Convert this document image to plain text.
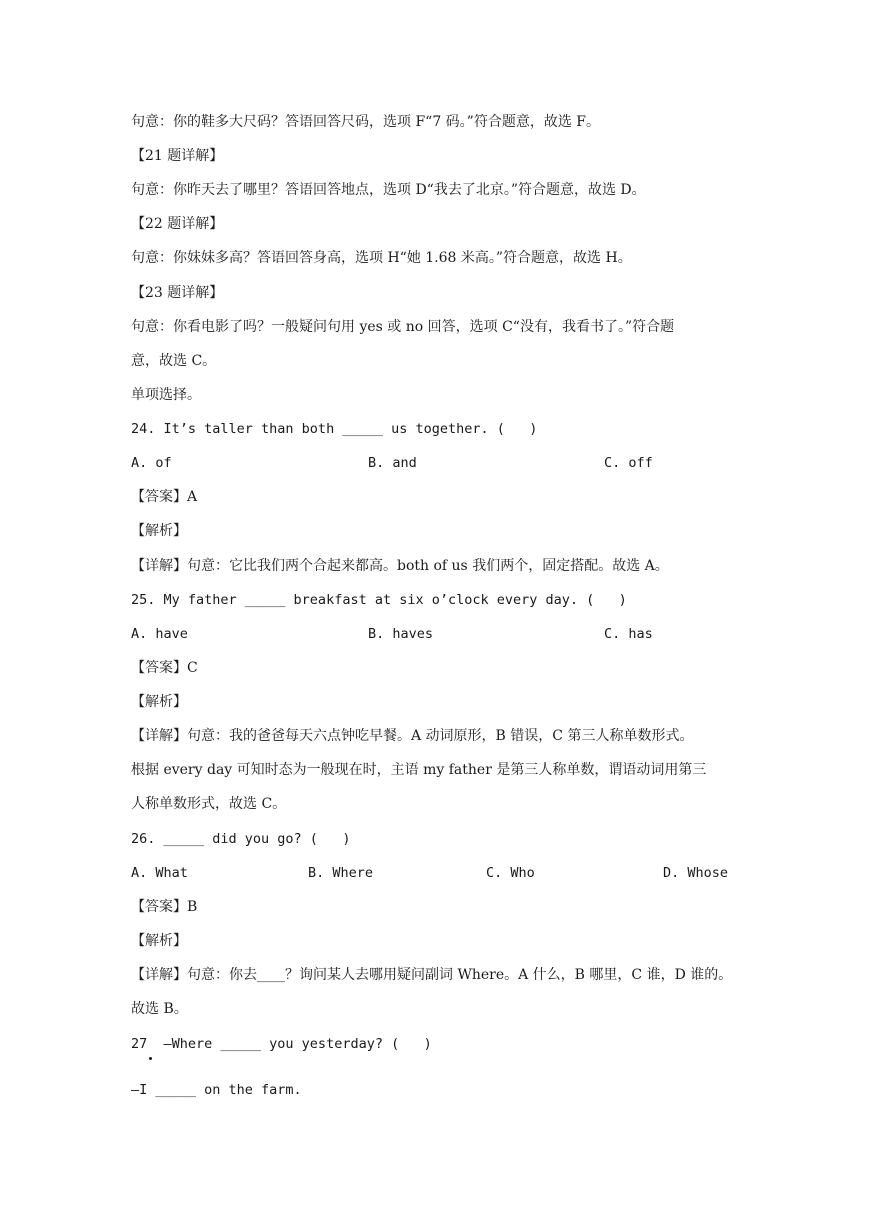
句意：你的鞋多大尺码？答语回答尺码，选项 F“7 码。”符合题意，故选 F。
【21 题详解】
句意：你昨天去了哪里？答语回答地点，选项 D“我去了北京。”符合题意，故选 D。
【22 题详解】
句意：你妹妹多高？答语回答身高，选项 H“她 1.68 米高。”符合题意，故选 H。
【23 题详解】
句意：你看电影了吗？一般疑问句用 yes 或 no 回答，选项 C“没有，我看书了。”符合题
意，故选 C。
单项选择。
24. It’s taller than both _____ us together. (   )
A. of	B. and	C. off
【答案】A
【解析】
【详解】句意：它比我们两个合起来都高。both of us 我们两个，固定搭配。故选 A。
25. My father _____ breakfast at six o’clock every day. (   )
A. have	B. haves	C. has
【答案】C
【解析】
【详解】句意：我的爸爸每天六点钟吃早餐。A 动词原形，B 错误，C 第三人称单数形式。
根据 every day 可知时态为一般现在时，主语 my father 是第三人称单数，谓语动词用第三
人称单数形式，故选 C。
26. _____ did you go? (   )
A. What	B. Where	C. Who	D. Whose
【答案】B
【解析】
【详解】句意：你去____？询问某人去哪用疑问副词 Where。A 什么，B 哪里，C 谁，D 谁的。
故选 B。
27  —Where _____ you yesterday? (   )
—I _____ on the farm.
